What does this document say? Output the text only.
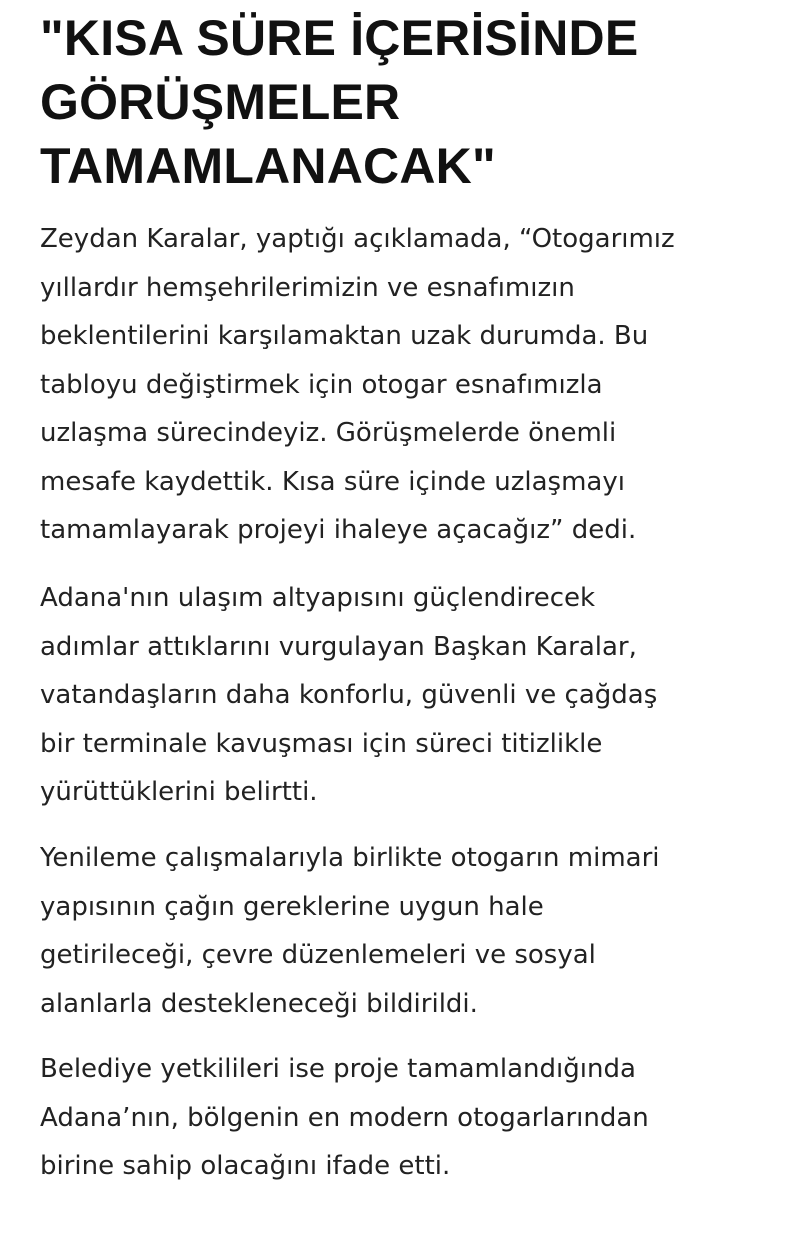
"KISA SÜRE İÇERİSİNDE
GÖRÜŞMELER
TAMAMLANACAK"

Zeydan Karalar, yaptığı açıklamada, “Otogarımız
yıllardır hemşehrilerimizin ve esnafımızın
beklentilerini karşılamaktan uzak durumda. Bu
tabloyu değiştirmek için otogar esnafımızla
uzlaşma sürecindeyiz. Görüşmelerde önemli
mesafe kaydettik. Kısa süre içinde uzlaşmayı
tamamlayarak projeyi ihaleye açacağız” dedi.

Adana'nın ulaşım altyapısını güçlendirecek
adımlar attıklarını vurgulayan Başkan Karalar,
vatandaşların daha konforlu, güvenli ve çağdaş
bir terminale kavuşması için süreci titizlikle
yürüttüklerini belirtti.

Yenileme çalışmalarıyla birlikte otogarın mimari
yapısının çağın gereklerine uygun hale
getirileceği, çevre düzenlemeleri ve sosyal
alanlarla destekleneceği bildirildi.

Belediye yetkilileri ise proje tamamlandığında
Adana’nın, bölgenin en modern otogarlarından
birine sahip olacağını ifade etti.
